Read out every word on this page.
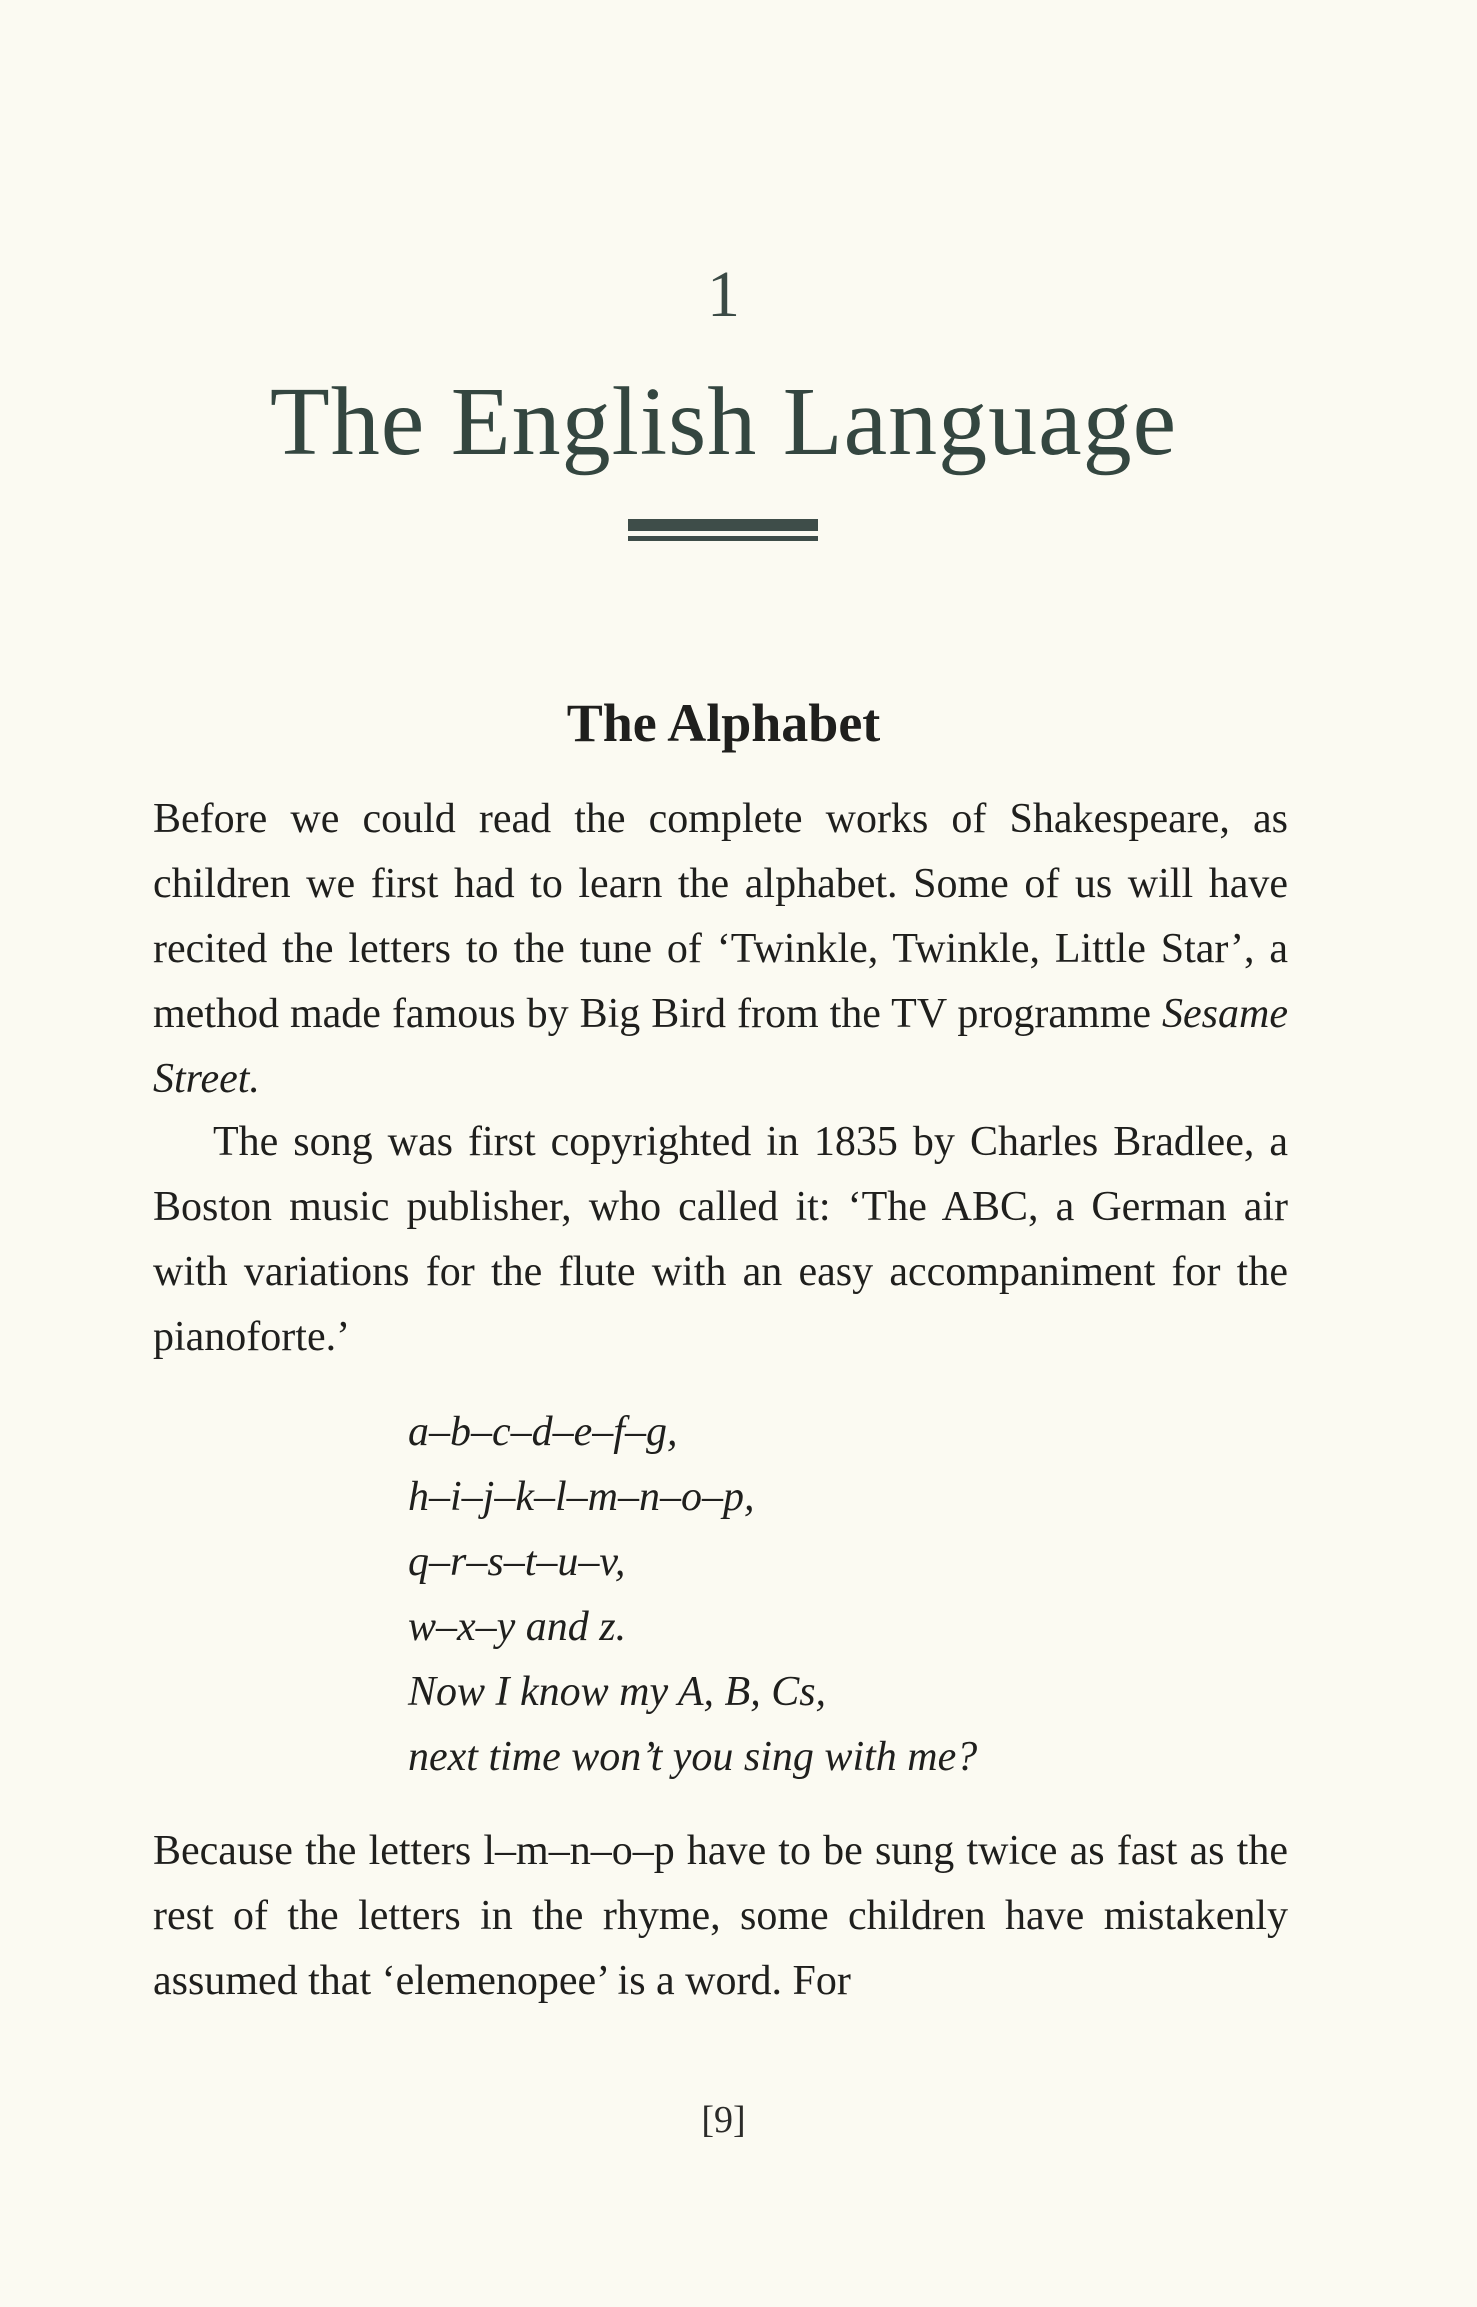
1
The English Language
The Alphabet

Before we could read the complete works of Shakespeare, as children we first had to learn the alphabet. Some of us will have recited the letters to the tune of ‘Twinkle, Twinkle, Little Star’, a method made famous by Big Bird from the TV programme Sesame Street.

The song was first copyrighted in 1835 by Charles Bradlee, a Boston music publisher, who called it: ‘The ABC, a German air with variations for the flute with an easy accompaniment for the pianoforte.’

a–b–c–d–e–f–g,
h–i–j–k–l–m–n–o–p,
q–r–s–t–u–v,
w–x–y and z.
Now I know my A, B, Cs,
next time won’t you sing with me?

Because the letters l–m–n–o–p have to be sung twice as fast as the rest of the letters in the rhyme, some children have mistakenly assumed that ‘elemenopee’ is a word. For

[9]
